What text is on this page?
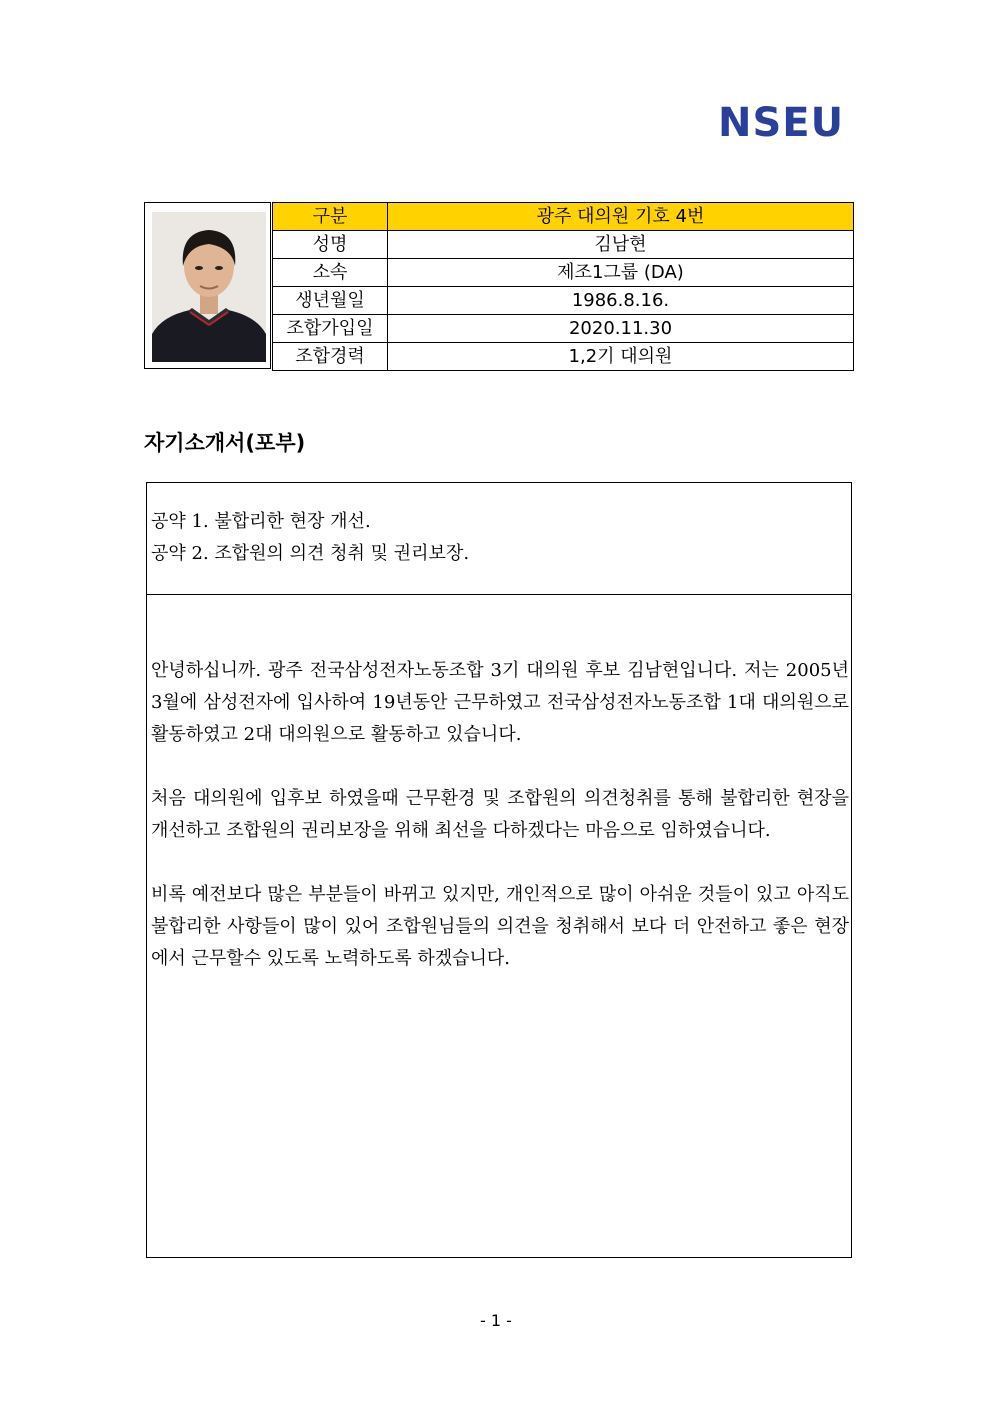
NSEU
구분	광주 대의원 기호 4번
성명	김남현
소속	제조1그룹 (DA)
생년월일	1986.8.16.
조합가입일	2020.11.30
조합경력	1,2기 대의원
자기소개서(포부)

공약 1. 불합리한 현장 개선.

공약 2. 조합원의 의견 청취 및 권리보장.

안녕하십니까. 광주 전국삼성전자노동조합 3기 대의원 후보 김남현입니다. 저는 2005년 3월에 삼성전자에 입사하여 19년동안 근무하였고 전국삼성전자노동조합 1대 대의원으로 활동하였고 2대 대의원으로 활동하고 있습니다.

처음 대의원에 입후보 하였을때 근무환경 및 조합원의 의견청취를 통해 불합리한 현장을 개선하고 조합원의 권리보장을 위해 최선을 다하겠다는 마음으로 임하였습니다.

비록 예전보다 많은 부분들이 바뀌고 있지만, 개인적으로 많이 아쉬운 것들이 있고 아직도 불합리한 사항들이 많이 있어 조합원님들의 의견을 청취해서 보다 더 안전하고 좋은 현장에서 근무할수 있도록 노력하도록 하겠습니다.

- 1 -
